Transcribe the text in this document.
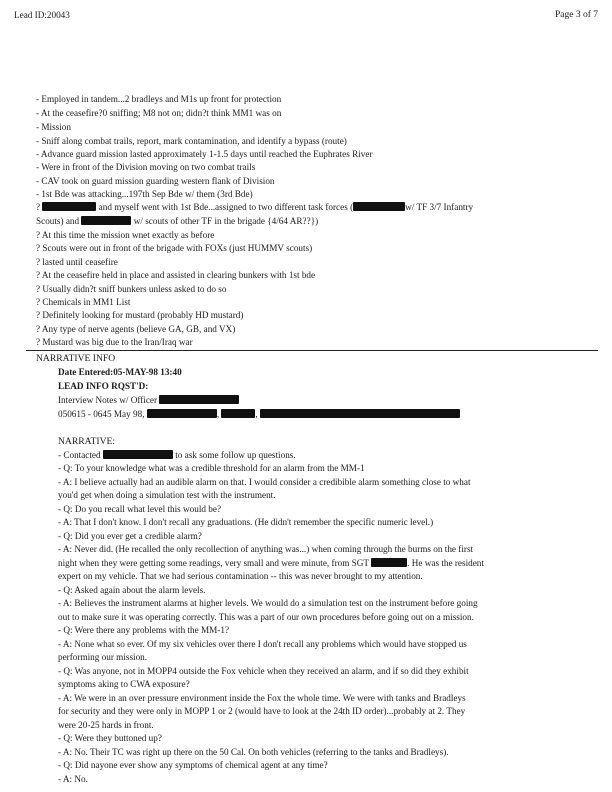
Lead ID:20043	Page 3 of 7
- Employed in tandem...2 bradleys and M1s up front for protection
- At the ceasefire?0 sniffing; M8 not on; didn?t think MM1 was on
- Mission
- Sniff along combat trails, report, mark contamination, and identify a bypass (route)
- Advance guard mission lasted approximately 1-1.5 days until reached the Euphrates River
- Were in front of the Division moving on two combat trails
- CAV took on guard mission guarding western flank of Division
- 1st Bde was attacking...197th Sep Bde w/ them (3rd Bde)
?	and myself went with 1st Bde...assigned to two different task forces (	w/ TF 3/7 Infantry
Scouts) and	w/ scouts of other TF in the brigade {4/64 AR??})
? At this time the mission wnet exactly as before
? Scouts were out in front of the brigade with FOXs (just HUMMV scouts)
? lasted until ceasefire
? At the ceasefire held in place and assisted in clearing bunkers with 1st bde
? Usually didn?t sniff bunkers unless asked to do so
? Chemicals in MM1 List
? Definitely looking for mustard (probably HD mustard)
? Any type of nerve agents (believe GA, GB, and VX)
? Mustard was big due to the Iran/Iraq war
NARRATIVE INFO
Date Entered:05-MAY-98 13:40
LEAD INFO RQST'D:
Interview Notes w/ Officer
050615 - 0645 May 98,	,	,
NARRATIVE:
- Contacted	to ask some follow up questions.
- Q: To your knowledge what was a credible threshold for an alarm from the MM-1
- A: I believe actually had an audible alarm on that. I would consider a credibible alarm something close to what
you'd get when doing a simulation test with the instrument.
- Q: Do you recall what level this would be?
- A: That I don't know. I don't recall any graduations. (He didn't remember the specific numeric level.)
- Q: Did you ever get a credible alarm?
- A: Never did. (He recalled the only recollection of anything was...) when coming through the burms on the first
night when they were getting some readings, very small and were minute, from SGT	. He was the resident
expert on my vehicle. That we had serious contamination -- this was never brought to my attention.
- Q: Asked again about the alarm levels.
- A: Believes the instrument alarms at higher levels. We would do a simulation test on the instrument before going
out to make sure it was operating correctly. This was a part of our own procedures before going out on a mission.
- Q: Were there any problems with the MM-1?
- A: None what so ever. Of my six vehicles over there I don't recall any problems which would have stopped us
performing our mission.
- Q: Was anyone, not in MOPP4 outside the Fox vehicle when they received an alarm, and if so did they exhibit
symptoms aking to CWA exposure?
- A: We were in an over pressure environment inside the Fox the whole time. We were with tanks and Bradleys
for security and they were only in MOPP 1 or 2 (would have to look at the 24th ID order)...probably at 2. They
were 20-25 hards in front.
- Q: Were they buttoned up?
- A: No. Their TC was right up there on the 50 Cal. On both vehicles (referring to the tanks and Bradleys).
- Q: Did nayone ever show any symptoms of chemical agent at any time?
- A: No.
